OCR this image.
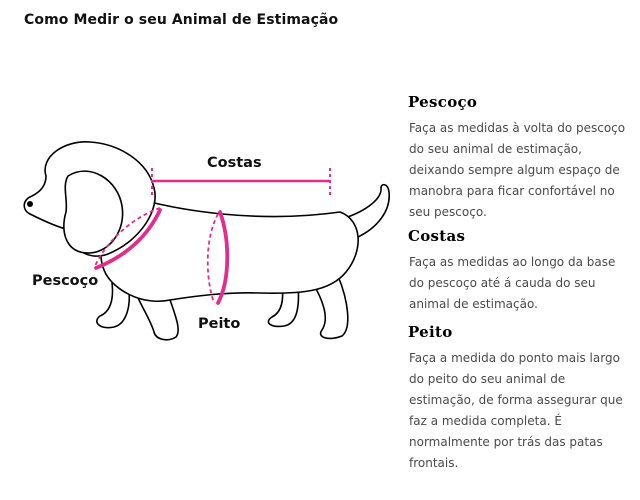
Como Medir o seu Animal de Estimação
Costas
Pescoço
Peito
Pescoço

Faça as medidas à volta do pescoço do seu animal de estimação, deixando sempre algum espaço de manobra para ficar confortável no seu pescoço.

Costas

Faça as medidas ao longo da base do pescoço até á cauda do seu animal de estimação.

Peito

Faça a medida do ponto mais largo do peito do seu animal de estimação, de forma assegurar que faz a medida completa. É normalmente por trás das patas frontais.
